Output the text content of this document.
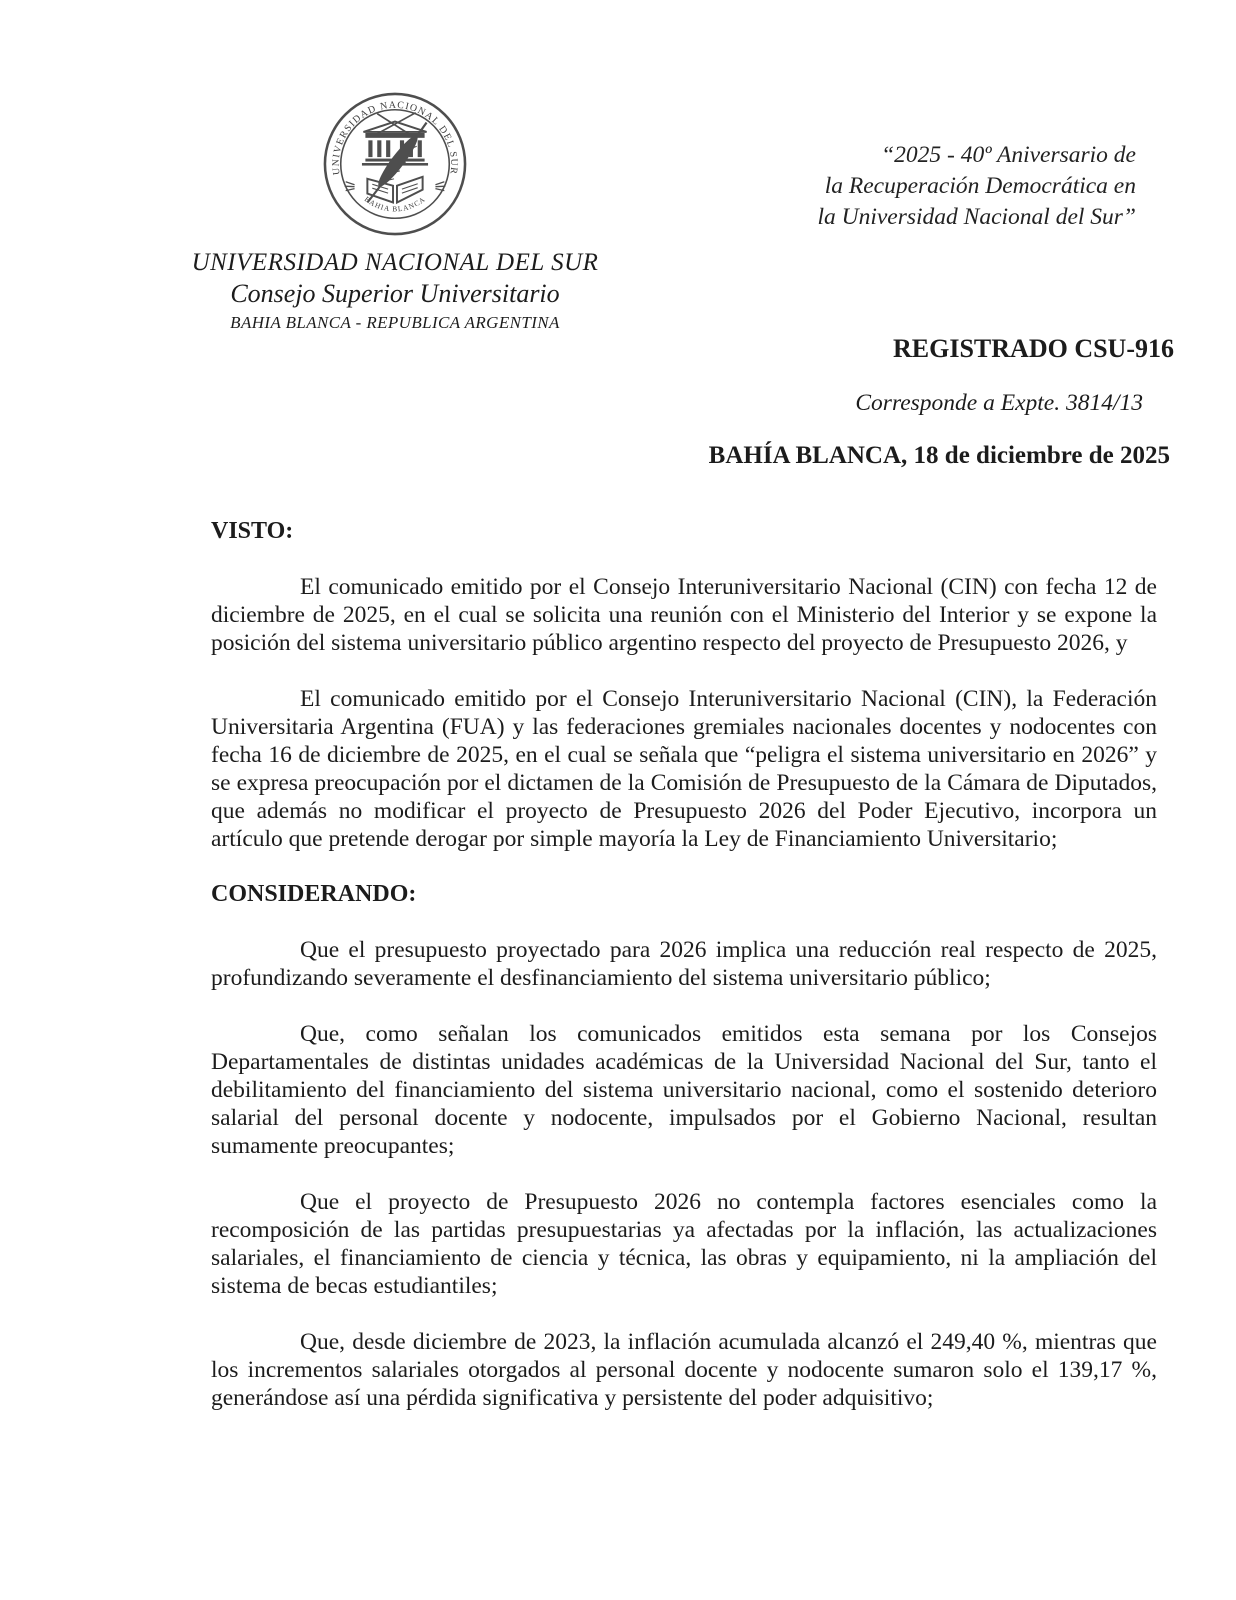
UNIVERSIDAD NACIONAL DEL SUR
BAHIA BLANCA
UNIVERSIDAD NACIONAL DEL SUR
Consejo Superior Universitario
BAHIA BLANCA - REPUBLICA ARGENTINA
“2025 - 40º Aniversario de
la Recuperación Democrática en
la Universidad Nacional del Sur”
REGISTRADO CSU-916
Corresponde a Expte. 3814/13
BAHÍA BLANCA, 18 de diciembre de 2025
VISTO:

El comunicado emitido por el Consejo Interuniversitario Nacional (CIN) con fecha 12 de diciembre de 2025, en el cual se solicita una reunión con el Ministerio del Interior y se expone la posición del sistema universitario público argentino respecto del proyecto de Presupuesto 2026, y

El comunicado emitido por el Consejo Interuniversitario Nacional (CIN), la Federación Universitaria Argentina (FUA) y las federaciones gremiales nacionales docentes y nodocentes con fecha 16 de diciembre de 2025, en el cual se señala que “peligra el sistema universitario en 2026” y se expresa preocupación por el dictamen de la Comisión de Presupuesto de la Cámara de Diputados, que además no modificar el proyecto de Presupuesto 2026 del Poder Ejecutivo, incorpora un artículo que pretende derogar por simple mayoría la Ley de Financiamiento Universitario;

CONSIDERANDO:

Que el presupuesto proyectado para 2026 implica una reducción real respecto de 2025, profundizando severamente el desfinanciamiento del sistema universitario público;

Que, como señalan los comunicados emitidos esta semana por los Consejos Departamentales de distintas unidades académicas de la Universidad Nacional del Sur, tanto el debilitamiento del financiamiento del sistema universitario nacional, como el sostenido deterioro salarial del personal docente y nodocente, impulsados por el Gobierno Nacional, resultan sumamente preocupantes;

Que el proyecto de Presupuesto 2026 no contempla factores esenciales como la recomposición de las partidas presupuestarias ya afectadas por la inflación, las actualizaciones salariales, el financiamiento de ciencia y técnica, las obras y equipamiento, ni la ampliación del sistema de becas estudiantiles;

Que, desde diciembre de 2023, la inflación acumulada alcanzó el 249,40 %, mientras que los incrementos salariales otorgados al personal docente y nodocente sumaron solo el 139,17 %, generándose así una pérdida significativa y persistente del poder adquisitivo;
